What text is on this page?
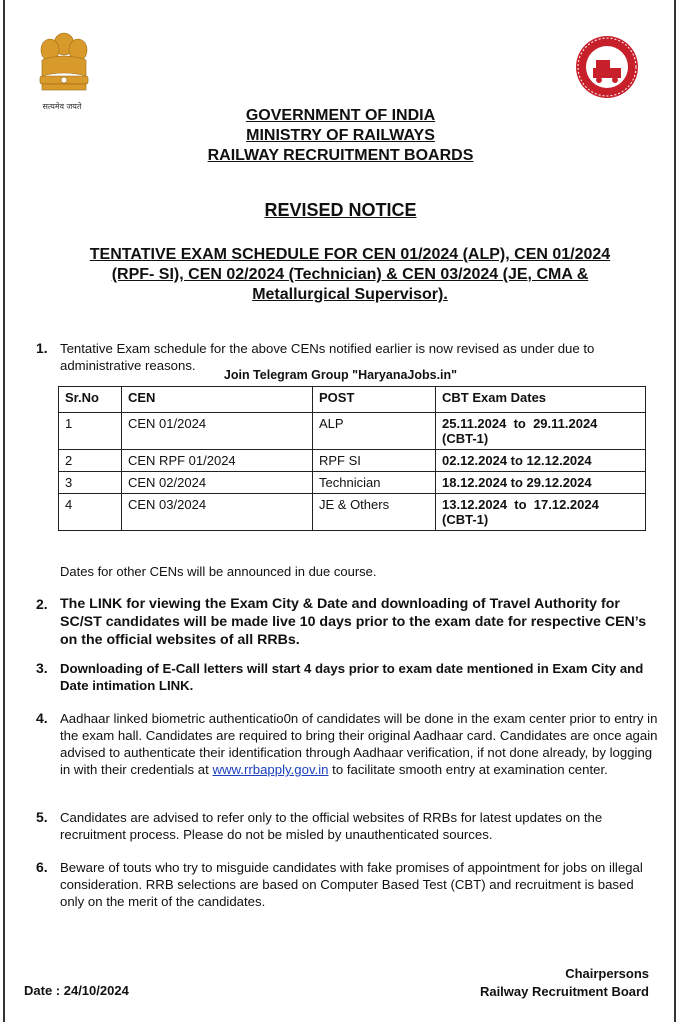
सत्यमेव जयते
GOVERNMENT OF INDIA
MINISTRY OF RAILWAYS
RAILWAY RECRUITMENT BOARDS
REVISED NOTICE
TENTATIVE EXAM SCHEDULE FOR CEN 01/2024 (ALP), CEN 01/2024 (RPF- SI), CEN 02/2024 (Technician) & CEN 03/2024 (JE, CMA & Metallurgical Supervisor).
1. Tentative Exam schedule for the above CENs notified earlier is now revised as under due to administrative reasons.
Join Telegram Group "HaryanaJobs.in"
Sr.No	CEN	POST	CBT Exam Dates
1	CEN 01/2024	ALP	25.11.2024  to  29.11.2024
(CBT-1)

2	CEN RPF 01/2024	RPF SI	02.12.2024 to 12.12.2024

3	CEN 02/2024	Technician	18.12.2024 to 29.12.2024

4	CEN 03/2024	JE & Others	13.12.2024  to  17.12.2024
(CBT-1)
Dates for other CENs will be announced in due course.
2. The LINK for viewing the Exam City & Date and downloading of Travel Authority for SC/ST candidates will be made live 10 days prior to the exam date for respective CEN’s on the official websites of all RRBs.
3. Downloading of E-Call letters will start 4 days prior to exam date mentioned in Exam City and Date intimation LINK.
4. Aadhaar linked biometric authenticatio0n of candidates will be done in the exam center prior to entry in the exam hall. Candidates are required to bring their original Aadhaar card. Candidates are once again advised to authenticate their identification through Aadhaar verification, if not done already, by logging in with their credentials at www.rrbapply.gov.in to facilitate smooth entry at examination center.
5. Candidates are advised to refer only to the official websites of RRBs for latest updates on the recruitment process. Please do not be misled by unauthenticated sources.
6. Beware of touts who try to misguide candidates with fake promises of appointment for jobs on illegal consideration. RRB selections are based on Computer Based Test (CBT) and recruitment is based only on the merit of the candidates.
Chairpersons
Railway Recruitment Board
Date : 24/10/2024
